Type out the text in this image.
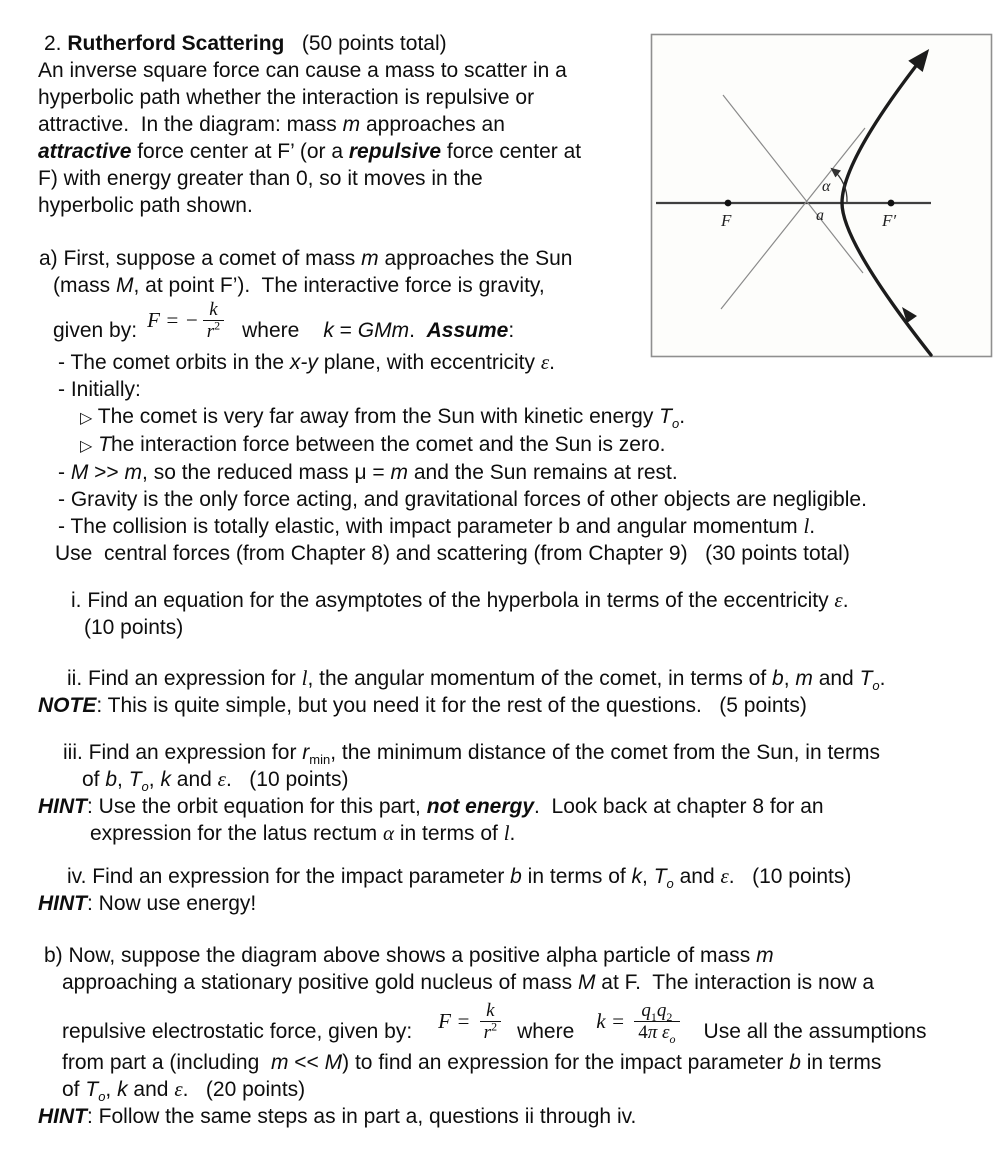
F	F′
a
α
2. Rutherford Scattering   (50 points total)
An inverse square force can cause a mass to scatter in a
hyperbolic path whether the interaction is repulsive or
attractive.  In the diagram: mass m approaches an
attractive force center at F’ (or a repulsive force center at
F) with energy greater than 0, so it moves in the
hyperbolic path shown.
a) First, suppose a comet of mass m approaches the Sun
(mass M, at point F’).  The interactive force is gravity,
given by: F = − $\frac{k}{r^2}$ where k = GMm.  Assume:
- The comet orbits in the x-y plane, with eccentricity ε.
- Initially:
▷ The comet is very far away from the Sun with kinetic energy $T_o$.
▷ The interaction force between the comet and the Sun is zero.
- M >> m, so the reduced mass μ = m and the Sun remains at rest.
- Gravity is the only force acting, and gravitational forces of other objects are negligible.
- The collision is totally elastic, with impact parameter b and angular momentum l.
Use  central forces (from Chapter 8) and scattering (from Chapter 9)   (30 points total)
i. Find an equation for the asymptotes of the hyperbola in terms of the eccentricity ε.
(10 points)
ii. Find an expression for l, the angular momentum of the comet, in terms of b, m and $T_o$.
NOTE: This is quite simple, but you need it for the rest of the questions.   (5 points)
iii. Find an expression for $r_{min}$, the minimum distance of the comet from the Sun, in terms
of b, $T_o$, k and ε.   (10 points)
HINT: Use the orbit equation for this part, not energy.  Look back at chapter 8 for an
expression for the latus rectum α in terms of l.
iv. Find an expression for the impact parameter b in terms of k, $T_o$ and ε.   (10 points)
HINT: Now use energy!
b) Now, suppose the diagram above shows a positive alpha particle of mass m
approaching a stationary positive gold nucleus of mass M at F.  The interaction is now a
repulsive electrostatic force, given by: $F = \frac{k}{r^2}$ where $k = \frac{q_1q_2}{4\pi \varepsilon_o}$ Use all the assumptions
from part a (including  m << M) to find an expression for the impact parameter b in terms
of $T_o$, k and ε.   (20 points)
HINT: Follow the same steps as in part a, questions ii through iv.
